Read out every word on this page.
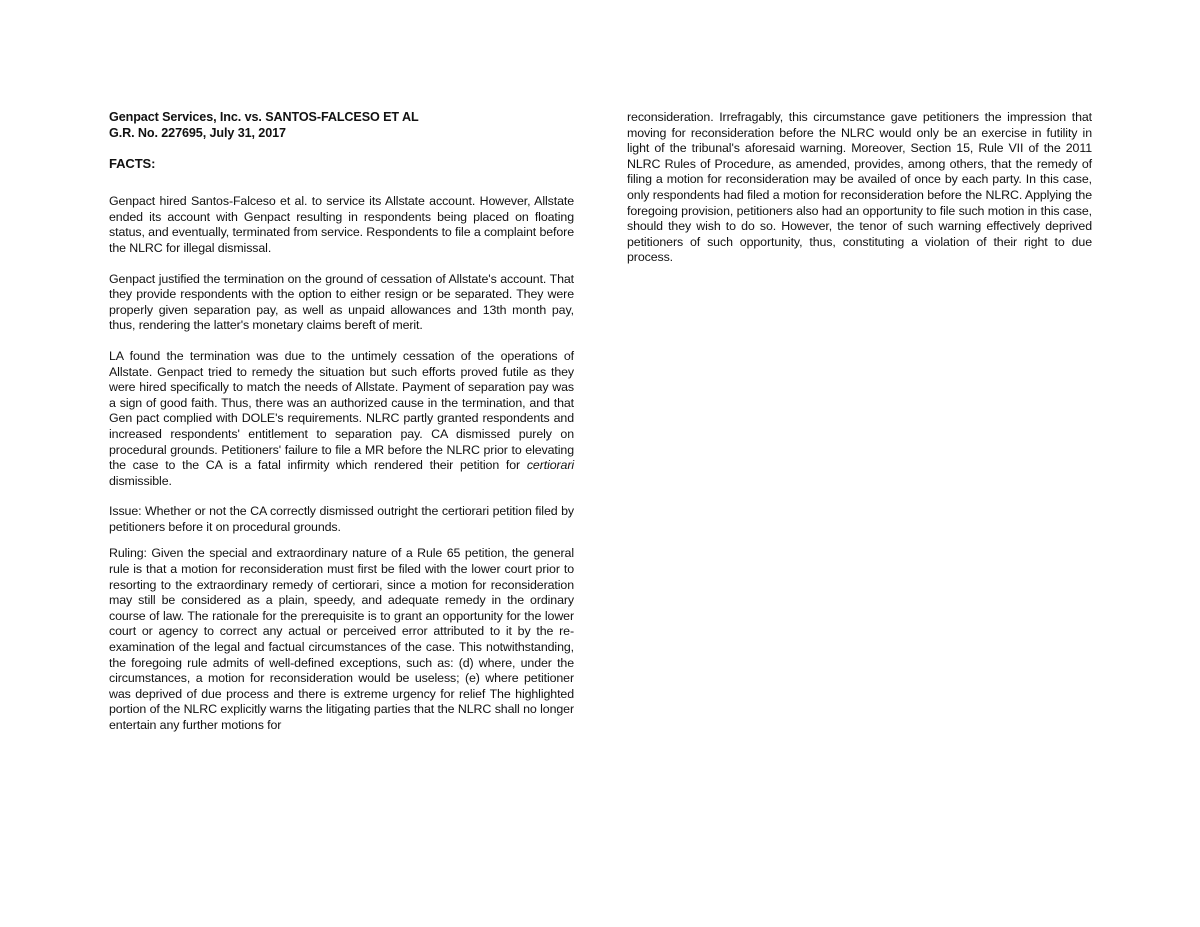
Genpact Services, Inc. vs. SANTOS-FALCESO ET AL
G.R. No. 227695, July 31, 2017
FACTS:

Genpact hired Santos-Falceso et al. to service its Allstate account. However, Allstate ended its account with Genpact resulting in respondents being placed on floating status, and eventually, terminated from service. Respondents to file a complaint before the NLRC for illegal dismissal.

Genpact justified the termination on the ground of cessation of Allstate's account. That they provide respondents with the option to either resign or be separated. They were properly given separation pay, as well as unpaid allowances and 13th month pay, thus, rendering the latter's monetary claims bereft of merit.

LA found the termination was due to the untimely cessation of the operations of Allstate. Genpact tried to remedy the situation but such efforts proved futile as they were hired specifically to match the needs of Allstate. Payment of separation pay was a sign of good faith. Thus, there was an authorized cause in the termination, and that Gen pact complied with DOLE's requirements. NLRC partly granted respondents and increased respondents' entitlement to separation pay. CA dismissed purely on procedural grounds. Petitioners' failure to file a MR before the NLRC prior to elevating the case to the CA is a fatal infirmity which rendered their petition for certiorari dismissible.

Issue: Whether or not the CA correctly dismissed outright the certiorari petition filed by petitioners before it on procedural grounds.

Ruling: Given the special and extraordinary nature of a Rule 65 petition, the general rule is that a motion for reconsideration must first be filed with the lower court prior to resorting to the extraordinary remedy of certiorari, since a motion for reconsideration may still be considered as a plain, speedy, and adequate remedy in the ordinary course of law. The rationale for the prerequisite is to grant an opportunity for the lower court or agency to correct any actual or perceived error attributed to it by the re-examination of the legal and factual circumstances of the case. This notwithstanding, the foregoing rule admits of well-defined exceptions, such as: (d) where, under the circumstances, a motion for reconsideration would be useless; (e) where petitioner was deprived of due process and there is extreme urgency for relief The highlighted portion of the NLRC explicitly warns the litigating parties that the NLRC shall no longer entertain any further motions for

reconsideration. Irrefragably, this circumstance gave petitioners the impression that moving for reconsideration before the NLRC would only be an exercise in futility in light of the tribunal's aforesaid warning. Moreover, Section 15, Rule VII of the 2011 NLRC Rules of Procedure, as amended, provides, among others, that the remedy of filing a motion for reconsideration may be availed of once by each party. In this case, only respondents had filed a motion for reconsideration before the NLRC. Applying the foregoing provision, petitioners also had an opportunity to file such motion in this case, should they wish to do so. However, the tenor of such warning effectively deprived petitioners of such opportunity, thus, constituting a violation of their right to due process.
